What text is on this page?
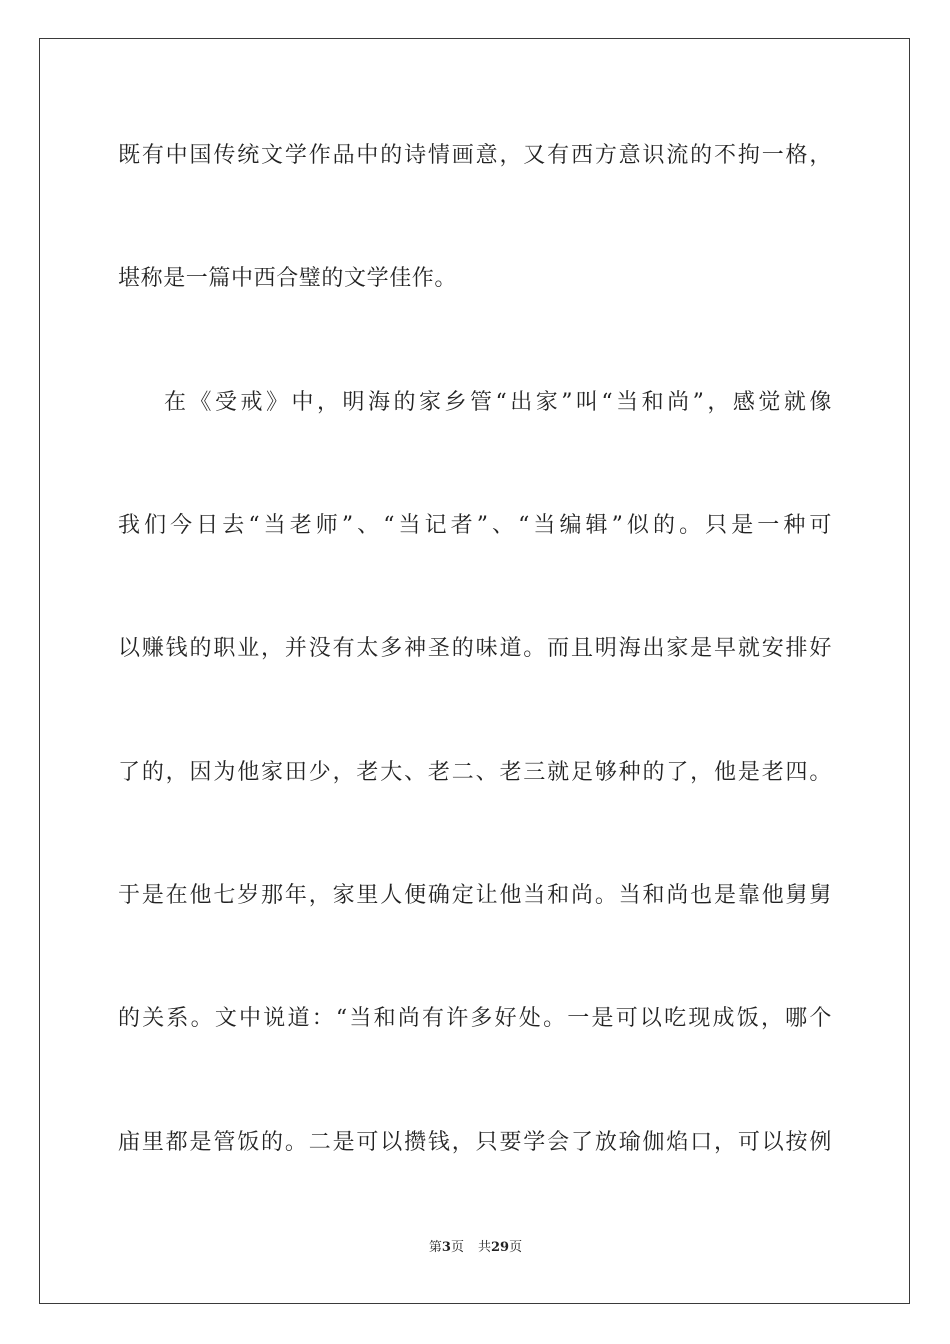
既有中国传统文学作品中的诗情画意，又有西方意识流的不拘一格，
堪称是一篇中西合璧的文学佳作。
在《受戒》中，明海的家乡管“出家”叫“当和尚”，感觉就像
我们今日去“当老师”、“当记者”、“当编辑”似的。只是一种可
以赚钱的职业，并没有太多神圣的味道。而且明海出家是早就安排好
了的，因为他家田少，老大、老二、老三就足够种的了，他是老四。
于是在他七岁那年，家里人便确定让他当和尚。当和尚也是靠他舅舅
的关系。文中说道：“当和尚有许多好处。一是可以吃现成饭，哪个
庙里都是管饭的。二是可以攒钱，只要学会了放瑜伽焰口，可以按例
第3页 共29页
